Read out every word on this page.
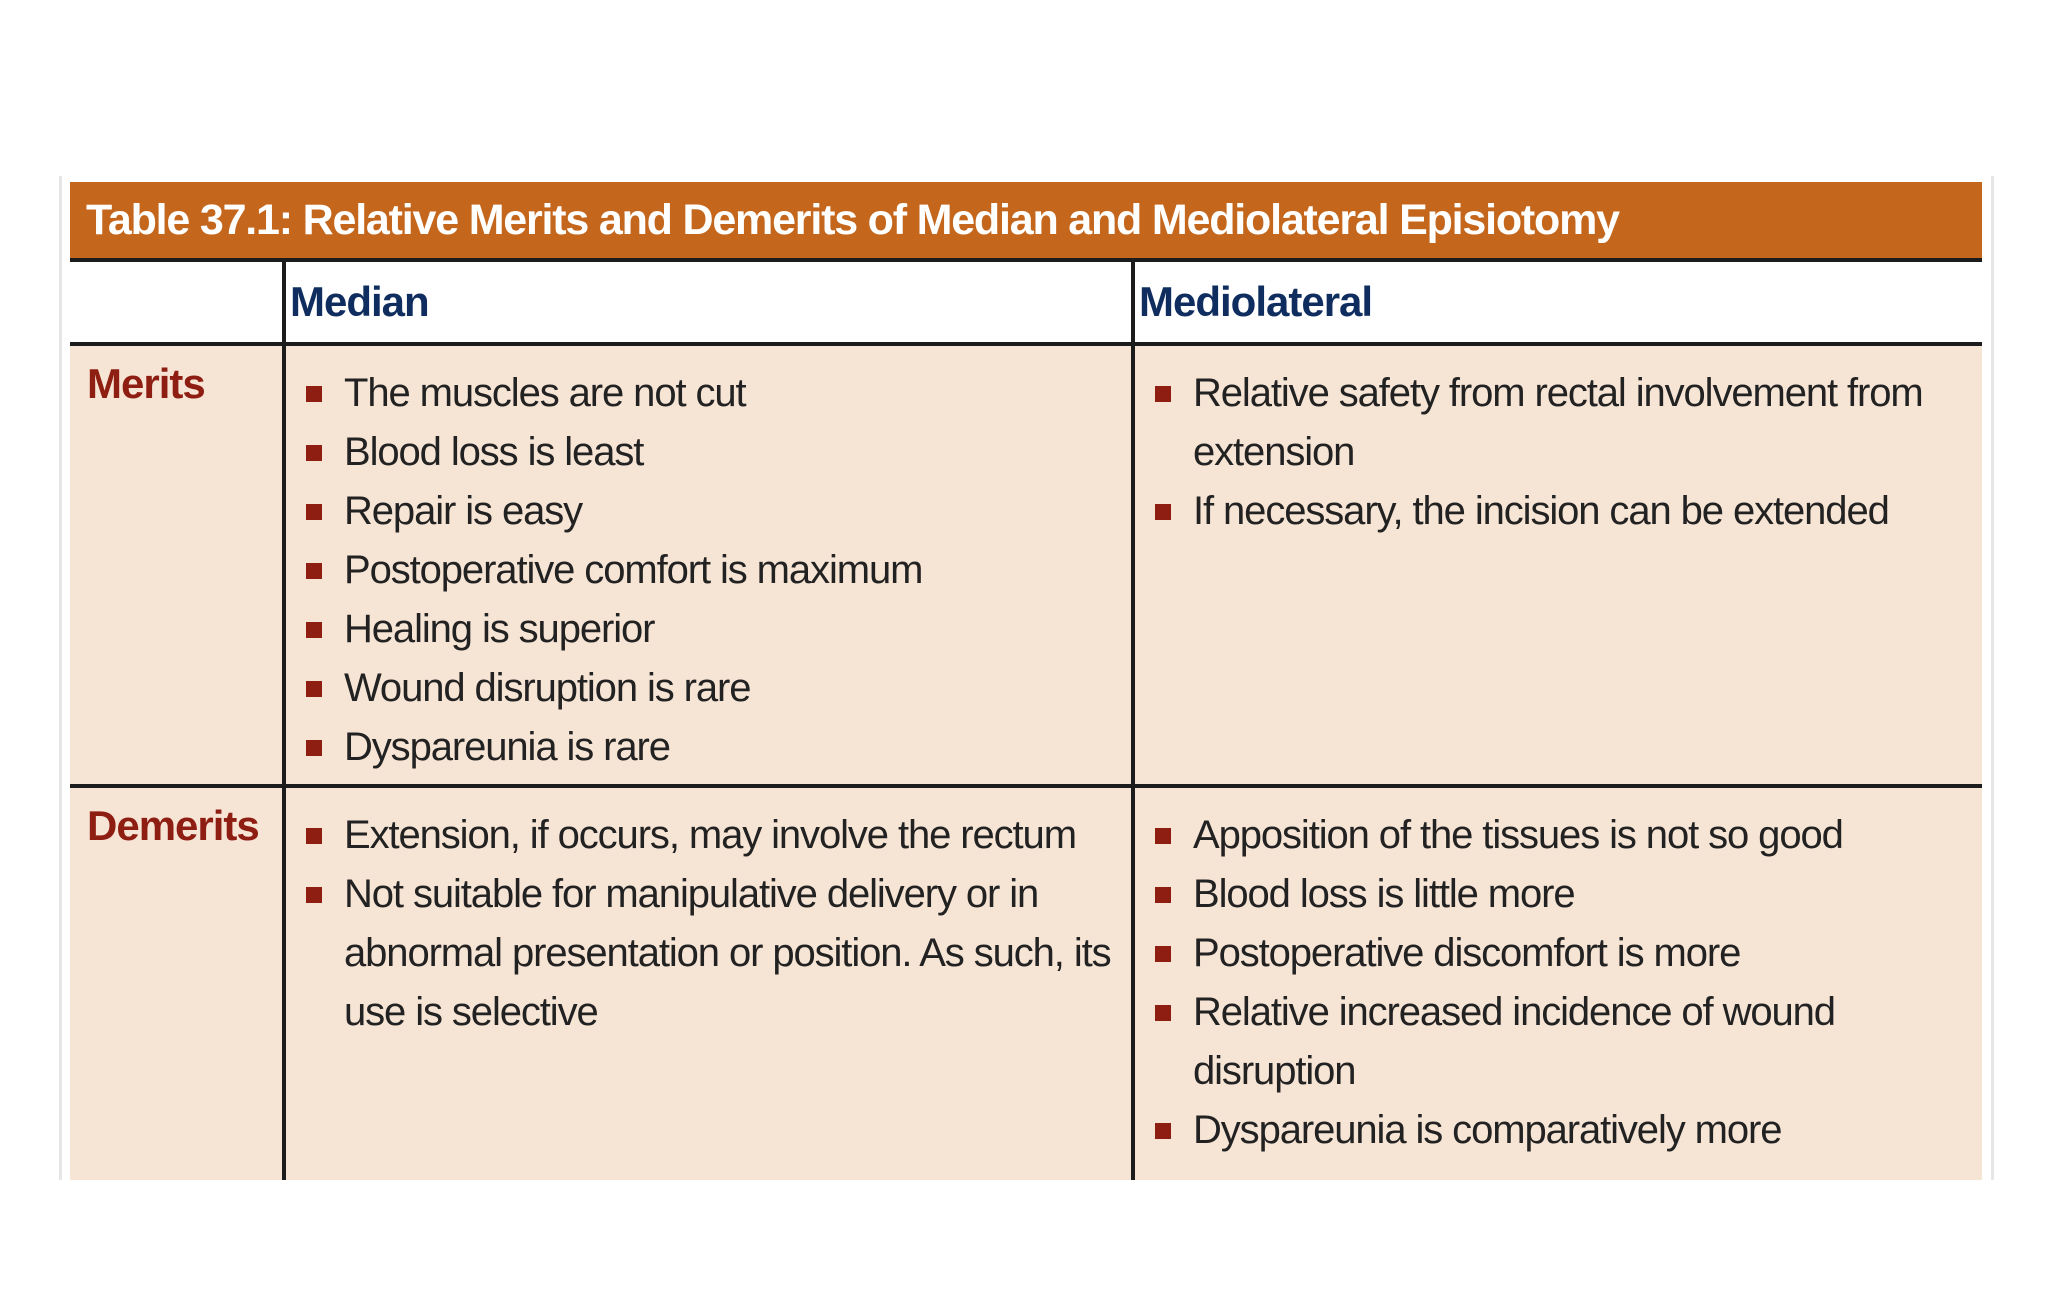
Table 37.1: Relative Merits and Demerits of Median and Mediolateral Episiotomy
Median	Mediolateral
Merits	The muscles are not cut
Blood loss is least
Repair is easy
Postoperative comfort is maximum
Healing is superior
Wound disruption is rare
Dyspareunia is rare
Relative safety from rectal involvement from
extension
If necessary, the incision can be extended
Demerits Extension, if occurs, may involve the rectum
Not suitable for manipulative delivery or in
abnormal presentation or position. As such, its
use is selective
Apposition of the tissues is not so good
Blood loss is little more
Postoperative discomfort is more
Relative increased incidence of wound
disruption
Dyspareunia is comparatively more
